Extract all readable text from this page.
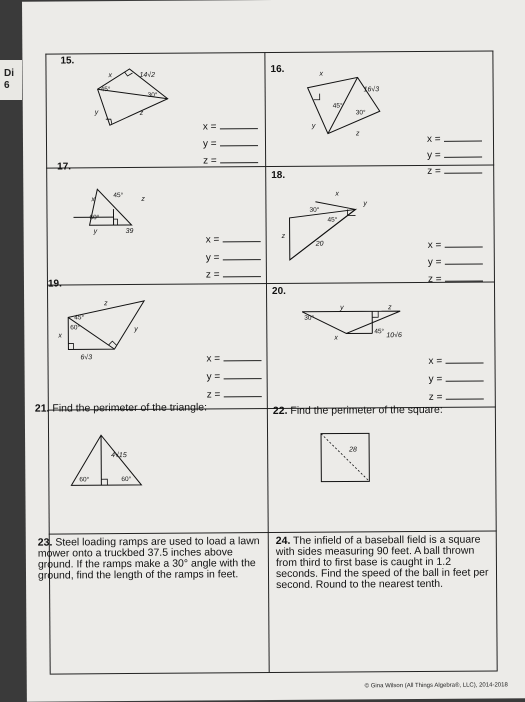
Di
6
15.
14√2
45°
30°
x
y	z
x =
y =
z =
16.
16√3
45°
30°
x
y
z	x =
y =
z =
17.
45°
60°
39
x
y
z
x =
y =
z =
18.
30°
45°
20
x
y
z
x =
y =
z =
19.
45°
60°
6√3
x
y
z
x =
y =
z =
20.
30°
45°
10√6
x
y	z
x =
y =
z =
21. Find the perimeter of the triangle:
4√15
60°	60°
22. Find the perimeter of the square:
28
23. Steel loading ramps are used to load a lawn mower onto a truckbed 37.5 inches above ground. If the ramps make a 30° angle with the ground, find the length of the ramps in feet.
24. The infield of a baseball field is a square with sides measuring 90 feet. A ball thrown from third to first base is caught in 1.2 seconds. Find the speed of the ball in feet per second. Round to the nearest tenth.
© Gina Wilson (All Things Algebra®, LLC), 2014-2018
